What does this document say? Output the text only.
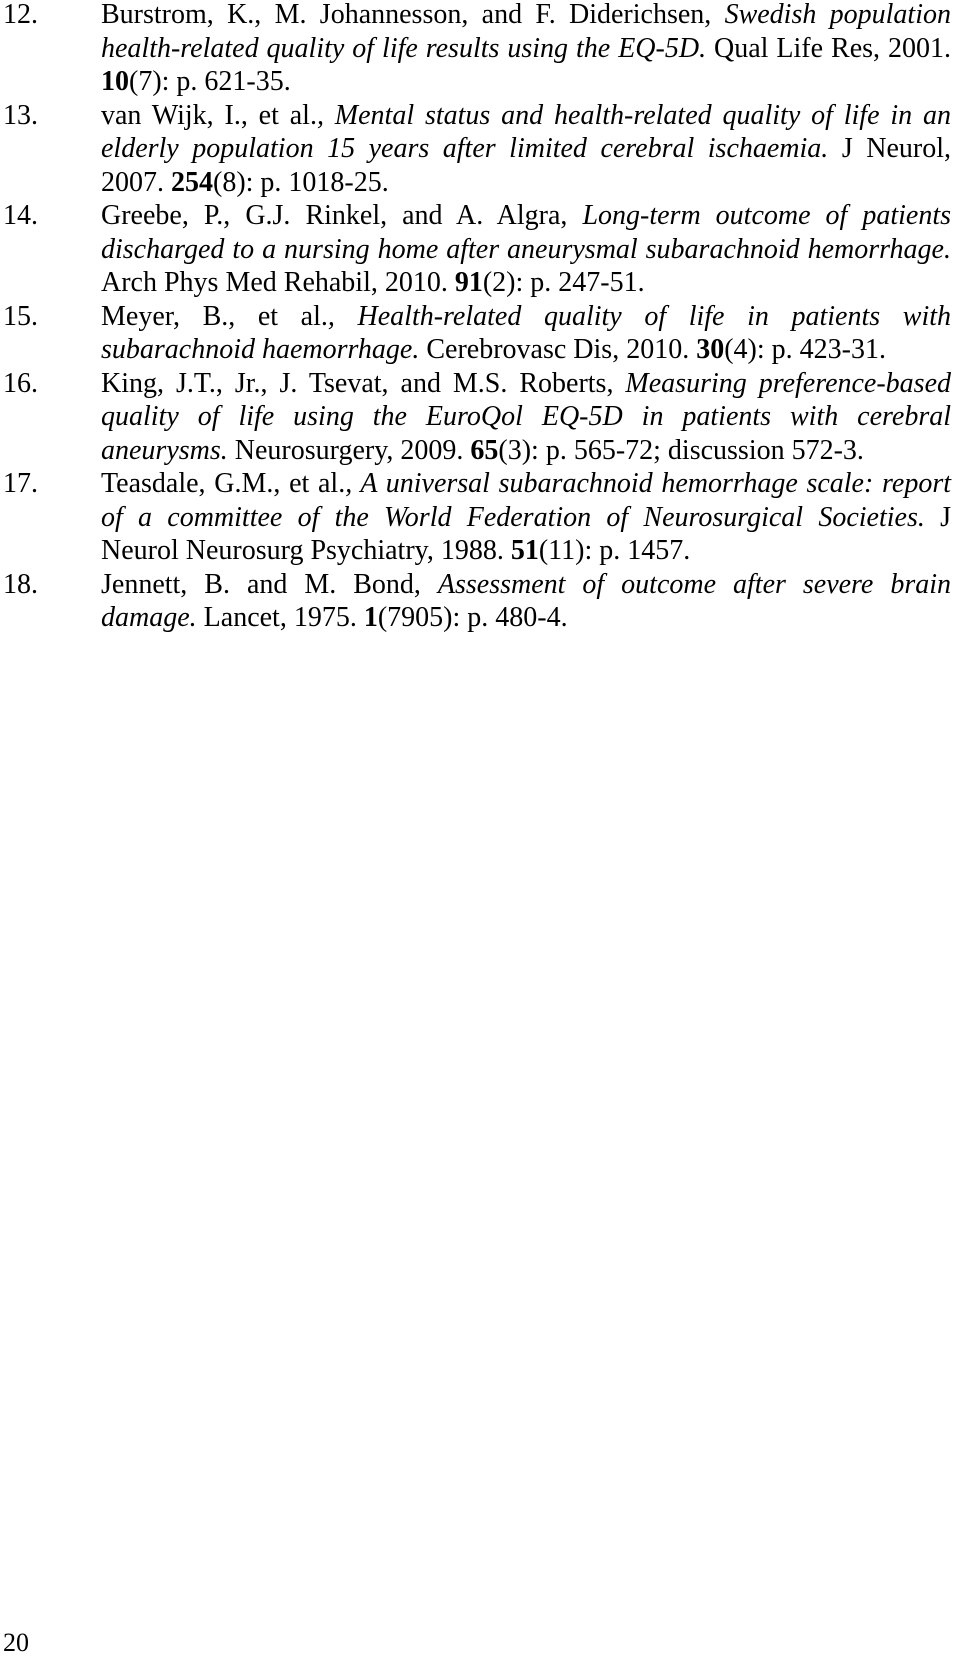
12.	Burstrom, K., M. Johannesson, and F. Diderichsen, Swedish population health-related quality of life results using the EQ-5D. Qual Life Res, 2001. 10(7): p. 621-35.
13.	van Wijk, I., et al., Mental status and health-related quality of life in an elderly population 15 years after limited cerebral ischaemia. J Neurol, 2007. 254(8): p. 1018-25.
14.	Greebe, P., G.J. Rinkel, and A. Algra, Long-term outcome of patients discharged to a nursing home after aneurysmal subarachnoid hemorrhage. Arch Phys Med Rehabil, 2010. 91(2): p. 247-51.
15.	Meyer, B., et al., Health-related quality of life in patients with subarachnoid haemorrhage. Cerebrovasc Dis, 2010. 30(4): p. 423-31.
16.	King, J.T., Jr., J. Tsevat, and M.S. Roberts, Measuring preference-based quality of life using the EuroQol EQ-5D in patients with cerebral aneurysms. Neurosurgery, 2009. 65(3): p. 565-72; discussion 572-3.
17.	Teasdale, G.M., et al., A universal subarachnoid hemorrhage scale: report of a committee of the World Federation of Neurosurgical Societies. J Neurol Neurosurg Psychiatry, 1988. 51(11): p. 1457.
18.	Jennett, B. and M. Bond, Assessment of outcome after severe brain damage. Lancet, 1975. 1(7905): p. 480-4.
20
